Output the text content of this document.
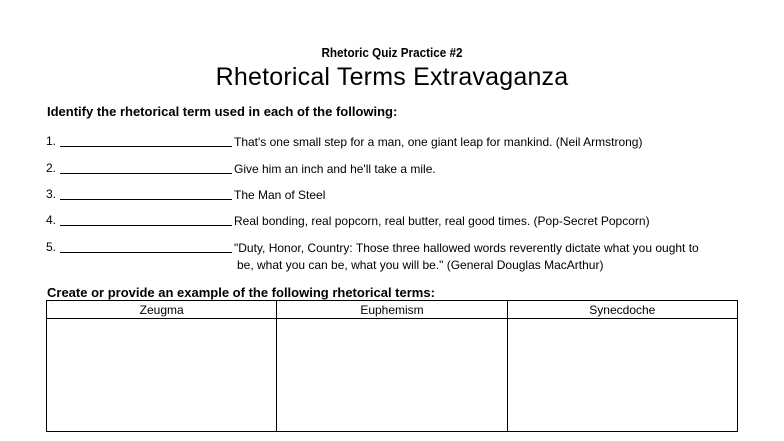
Rhetoric Quiz Practice #2
Rhetorical Terms Extravaganza
Identify the rhetorical term used in each of the following:
1.	That's one small step for a man, one giant leap for mankind. (Neil Armstrong)
2.	Give him an inch and he'll take a mile.
3.	The Man of Steel
4.	Real bonding, real popcorn, real butter, real good times. (Pop-Secret Popcorn)
5.	"Duty, Honor, Country: Those three hallowed words reverently dictate what you ought to
be, what you can be, what you will be." (General Douglas MacArthur)
Create or provide an example of the following rhetorical terms:
Zeugma	Euphemism	Synecdoche
